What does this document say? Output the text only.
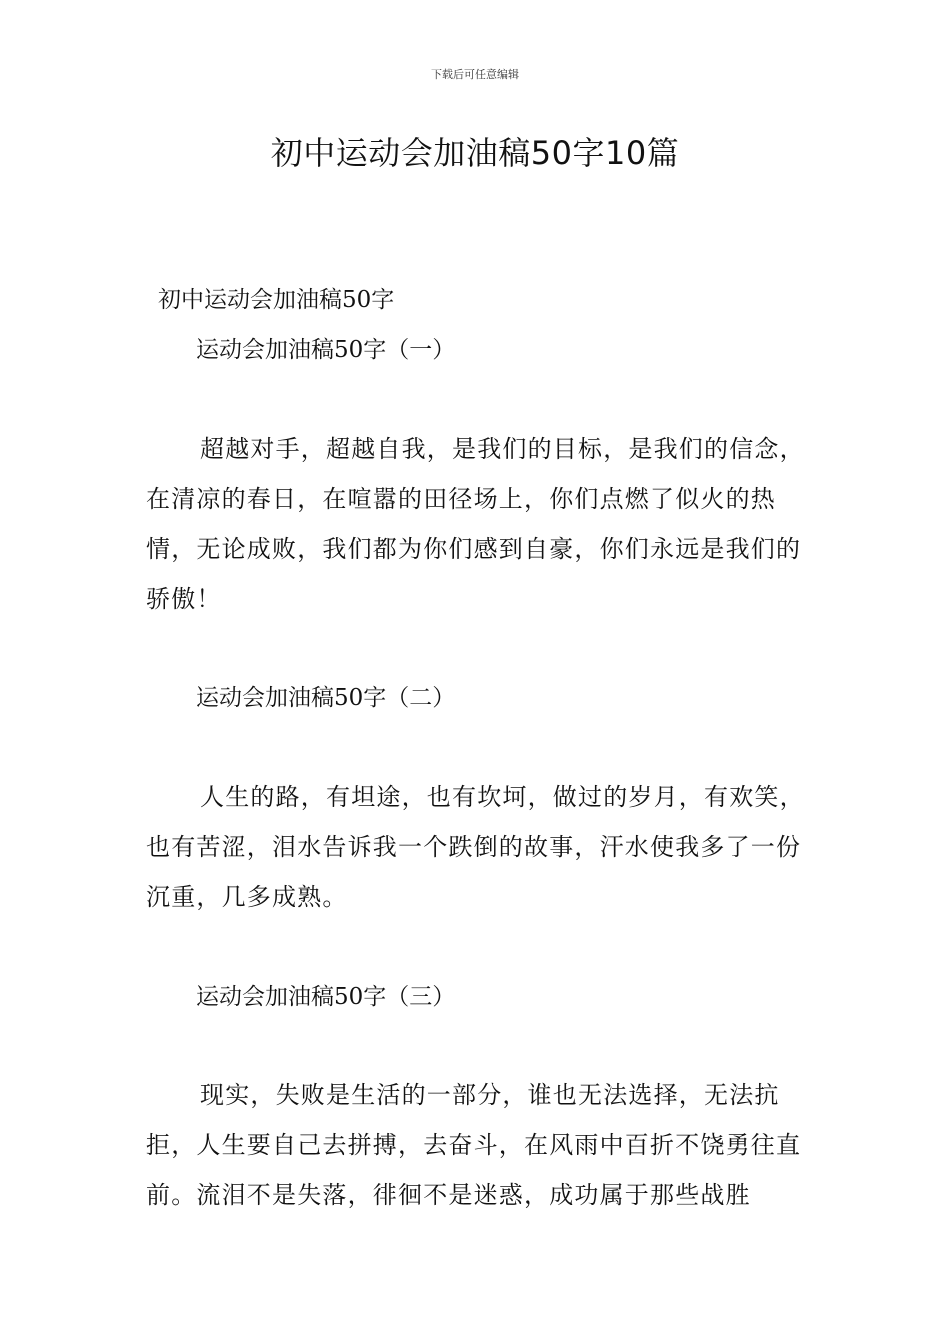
下载后可任意编辑
初中运动会加油稿50字10篇
初中运动会加油稿50字
运动会加油稿50字（一）

超越对手，超越自我，是我们的目标，是我们的信念，在清凉的春日，在喧嚣的田径场上，你们点燃了似火的热情，无论成败，我们都为你们感到自豪，你们永远是我们的骄傲！

运动会加油稿50字（二）

人生的路，有坦途，也有坎坷，做过的岁月，有欢笑，也有苦涩，泪水告诉我一个跌倒的故事，汗水使我多了一份沉重，几多成熟。

运动会加油稿50字（三）

现实，失败是生活的一部分，谁也无法选择，无法抗拒，人生要自己去拼搏，去奋斗，在风雨中百折不饶勇往直前。流泪不是失落，徘徊不是迷惑，成功属于那些战胜
